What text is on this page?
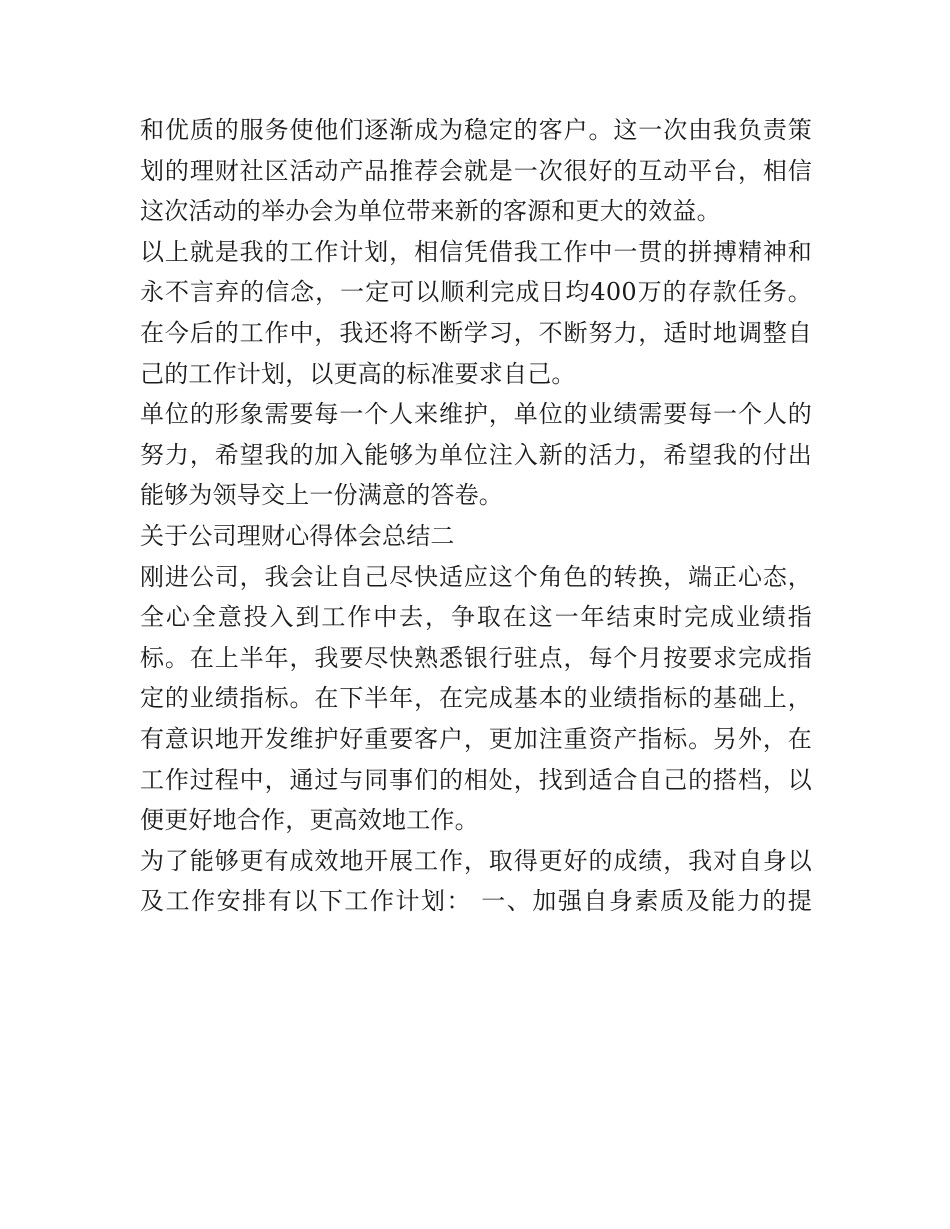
和优质的服务使他们逐渐成为稳定的客户。这一次由我负责策
划的理财社区活动产品推荐会就是一次很好的互动平台，相信
这次活动的举办会为单位带来新的客源和更大的效益。
以上就是我的工作计划，相信凭借我工作中一贯的拼搏精神和
永不言弃的信念，一定可以顺利完成日均400万的存款任务。
在今后的工作中，我还将不断学习，不断努力，适时地调整自
己的工作计划，以更高的标准要求自己。
单位的形象需要每一个人来维护，单位的业绩需要每一个人的
努力，希望我的加入能够为单位注入新的活力，希望我的付出
能够为领导交上一份满意的答卷。
关于公司理财心得体会总结二
刚进公司，我会让自己尽快适应这个角色的转换，端正心态，
全心全意投入到工作中去，争取在这一年结束时完成业绩指
标。在上半年，我要尽快熟悉银行驻点，每个月按要求完成指
定的业绩指标。在下半年，在完成基本的业绩指标的基础上，
有意识地开发维护好重要客户，更加注重资产指标。另外，在
工作过程中，通过与同事们的相处，找到适合自己的搭档，以
便更好地合作，更高效地工作。
为了能够更有成效地开展工作，取得更好的成绩，我对自身以
及工作安排有以下工作计划： 一、加强自身素质及能力的提
